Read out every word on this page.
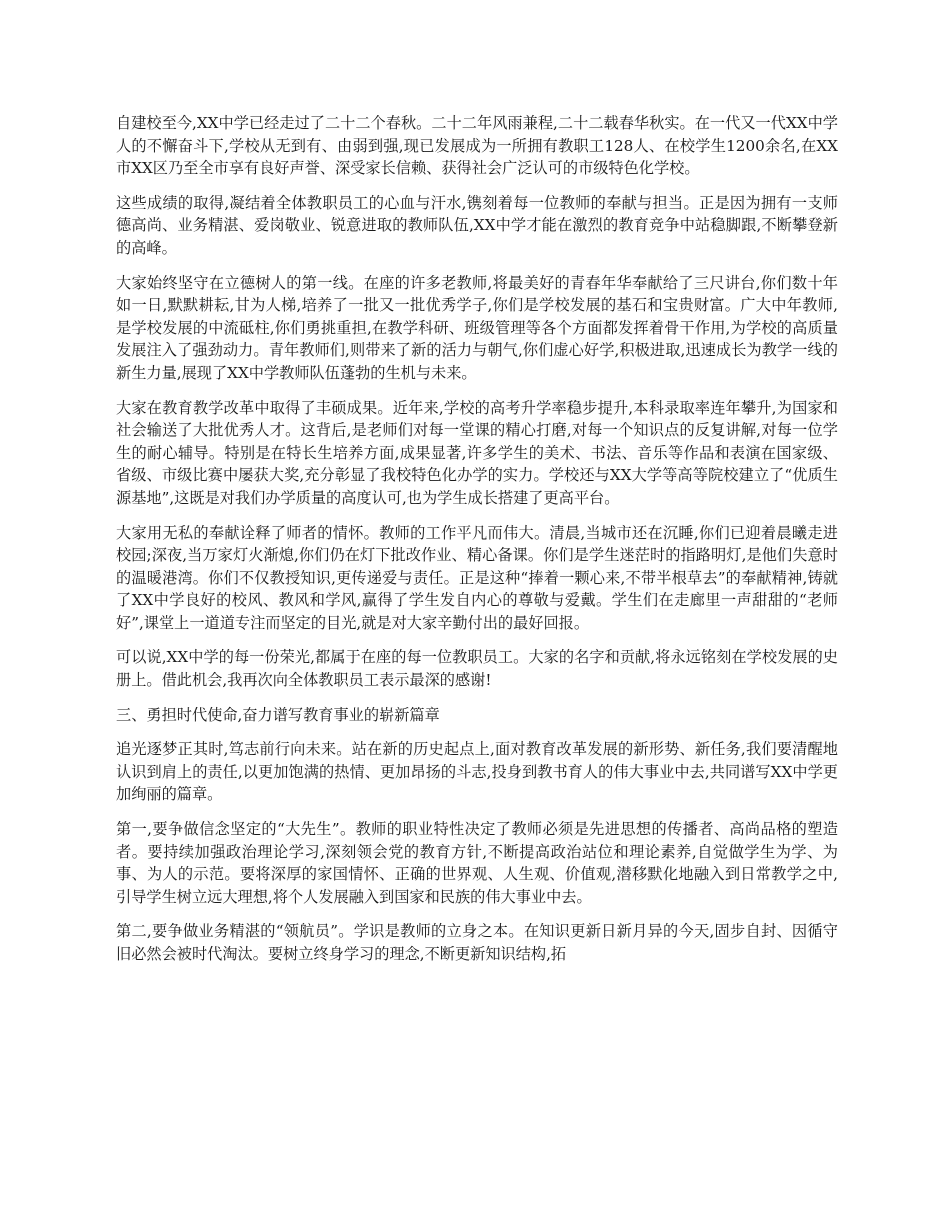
自建校至今,XX中学已经走过了二十二个春秋。二十二年风雨兼程,二十二载春华秋实。在一代又一代XX中学人的不懈奋斗下,学校从无到有、由弱到强,现已发展成为一所拥有教职工128人、在校学生1200余名,在XX市XX区乃至全市享有良好声誉、深受家长信赖、获得社会广泛认可的市级特色化学校。

这些成绩的取得,凝结着全体教职员工的心血与汗水,镌刻着每一位教师的奉献与担当。正是因为拥有一支师德高尚、业务精湛、爱岗敬业、锐意进取的教师队伍,XX中学才能在激烈的教育竞争中站稳脚跟,不断攀登新的高峰。

大家始终坚守在立德树人的第一线。在座的许多老教师,将最美好的青春年华奉献给了三尺讲台,你们数十年如一日,默默耕耘,甘为人梯,培养了一批又一批优秀学子,你们是学校发展的基石和宝贵财富。广大中年教师,是学校发展的中流砥柱,你们勇挑重担,在教学科研、班级管理等各个方面都发挥着骨干作用,为学校的高质量发展注入了强劲动力。青年教师们,则带来了新的活力与朝气,你们虚心好学,积极进取,迅速成长为教学一线的新生力量,展现了XX中学教师队伍蓬勃的生机与未来。

大家在教育教学改革中取得了丰硕成果。近年来,学校的高考升学率稳步提升,本科录取率连年攀升,为国家和社会输送了大批优秀人才。这背后,是老师们对每一堂课的精心打磨,对每一个知识点的反复讲解,对每一位学生的耐心辅导。特别是在特长生培养方面,成果显著,许多学生的美术、书法、音乐等作品和表演在国家级、省级、市级比赛中屡获大奖,充分彰显了我校特色化办学的实力。学校还与XX大学等高等院校建立了“优质生源基地”,这既是对我们办学质量的高度认可,也为学生成长搭建了更高平台。

大家用无私的奉献诠释了师者的情怀。教师的工作平凡而伟大。清晨,当城市还在沉睡,你们已迎着晨曦走进校园;深夜,当万家灯火渐熄,你们仍在灯下批改作业、精心备课。你们是学生迷茫时的指路明灯,是他们失意时的温暖港湾。你们不仅教授知识,更传递爱与责任。正是这种“捧着一颗心来,不带半根草去”的奉献精神,铸就了XX中学良好的校风、教风和学风,赢得了学生发自内心的尊敬与爱戴。学生们在走廊里一声甜甜的“老师好”,课堂上一道道专注而坚定的目光,就是对大家辛勤付出的最好回报。

可以说,XX中学的每一份荣光,都属于在座的每一位教职员工。大家的名字和贡献,将永远铭刻在学校发展的史册上。借此机会,我再次向全体教职员工表示最深的感谢!

三、勇担时代使命,奋力谱写教育事业的崭新篇章

追光逐梦正其时,笃志前行向未来。站在新的历史起点上,面对教育改革发展的新形势、新任务,我们要清醒地认识到肩上的责任,以更加饱满的热情、更加昂扬的斗志,投身到教书育人的伟大事业中去,共同谱写XX中学更加绚丽的篇章。

第一,要争做信念坚定的“大先生”。教师的职业特性决定了教师必须是先进思想的传播者、高尚品格的塑造者。要持续加强政治理论学习,深刻领会党的教育方针,不断提高政治站位和理论素养,自觉做学生为学、为事、为人的示范。要将深厚的家国情怀、正确的世界观、人生观、价值观,潜移默化地融入到日常教学之中,引导学生树立远大理想,将个人发展融入到国家和民族的伟大事业中去。

第二,要争做业务精湛的“领航员”。学识是教师的立身之本。在知识更新日新月异的今天,固步自封、因循守旧必然会被时代淘汰。要树立终身学习的理念,不断更新知识结构,拓
